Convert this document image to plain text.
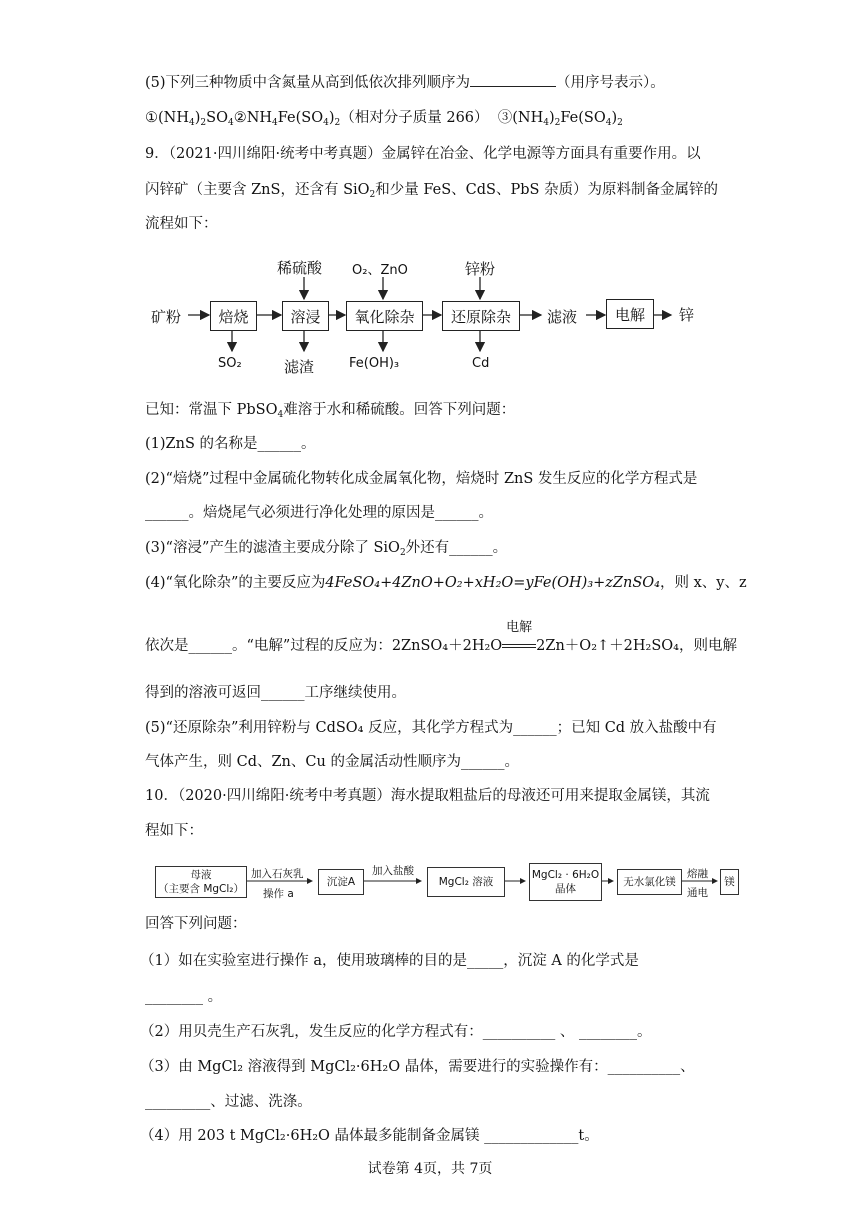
(5)下列三种物质中含氮量从高到低依次排列顺序为	（用序号表示）。
$①(NH_4)_2SO_4②NH_4Fe(SO_4)_2$（相对分子质量 266） $③(NH_4)_2Fe(SO_4)_2$
9．（2021·四川绵阳·统考中考真题）金属锌在冶金、化学电源等方面具有重要作用。以
闪锌矿（主要含 ZnS，还含有 SiO$_2$和少量 FeS、CdS、PbS 杂质）为原料制备金属锌的
流程如下：
矿粉	焙烧	溶浸	氧化除杂	还原除杂	滤液	电解	锌
稀硫酸 O₂、ZnO	锌粉
SO₂	滤渣	Fe(OH)₃	Cd
已知：常温下 PbSO$_4$难溶于水和稀硫酸。回答下列问题：
(1)ZnS 的名称是______。
(2)“焙烧”过程中金属硫化物转化成金属氧化物，焙烧时 ZnS 发生反应的化学方程式是
______。焙烧尾气必须进行净化处理的原因是______。
(3)“溶浸”产生的滤渣主要成分除了 SiO$_2$外还有______。
(4)“氧化除杂”的主要反应为4FeSO₄+4ZnO+O₂+xH₂O=yFe(OH)₃+zZnSO₄，则 x、y、z
依次是______。“电解”过程的反应为：2ZnSO₄＋2H₂O
电解
2Zn＋O₂↑＋2H₂SO₄，则电解
得到的溶液可返回______工序继续使用。
(5)“还原除杂”利用锌粉与 CdSO₄ 反应，其化学方程式为______；已知 Cd 放入盐酸中有
气体产生，则 Cd、Zn、Cu 的金属活动性顺序为______。
10．（2020·四川绵阳·统考中考真题）海水提取粗盐后的母液还可用来提取金属镁，其流
程如下：
母液
（主要含 MgCl₂）
加入石灰乳
操作 a
沉淀A
加入盐酸
MgCl₂ 溶液
MgCl₂ · 6H₂O
晶体
无水氯化镁
熔融
通电
镁
回答下列问题：
（1）如在实验室进行操作 a，使用玻璃棒的目的是_____，沉淀 A 的化学式是
________ 。
（2）用贝壳生产石灰乳，发生反应的化学方程式有：__________ 、 ________。
（3）由 MgCl₂ 溶液得到 MgCl₂·6H₂O 晶体，需要进行的实验操作有：__________、
_________、过滤、洗涤。
（4）用 203 t MgCl₂·6H₂O 晶体最多能制备金属镁 _____________t。
试卷第 4页，共 7页
